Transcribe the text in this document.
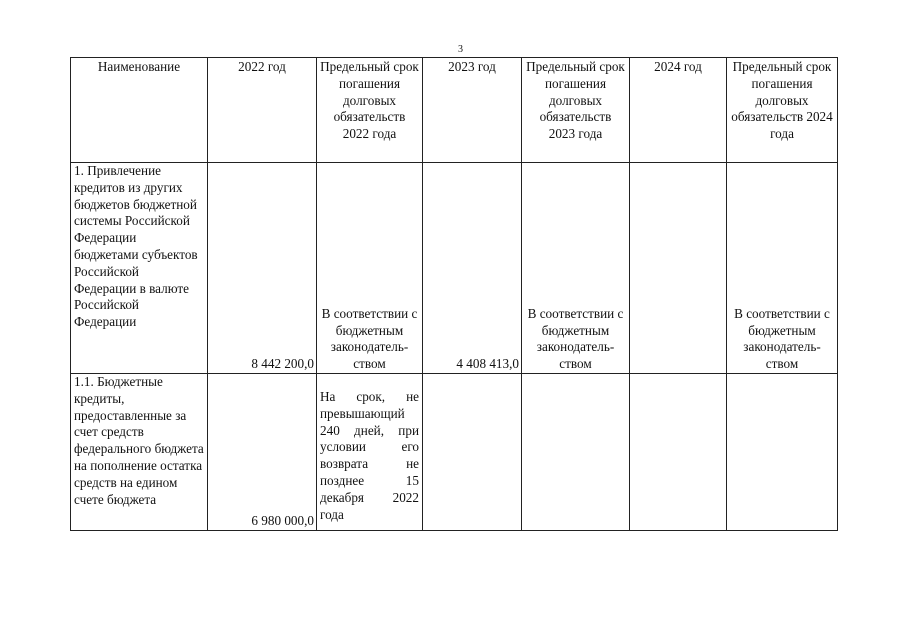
3
Наименование	2022 год	Предельный срок погашения долговых обязательств 2022 года	2023 год	Предельный срок погашения долговых обязательств 2023 года	2024 год	Предельный срок погашения долговых обязательств 2024 года
1. Привлечение кредитов из других бюджетов бюджетной системы Российской Федерации бюджетами субъектов Российской Федерации в валюте Российской Федерации	8 442 200,0	В соответствии с бюджетным законодатель-ством	4 408 413,0	В соответствии с бюджетным законодатель-ством		В соответствии с бюджетным законодатель-ством
1.1. Бюджетные кредиты, предоставленные за счет средств федерального бюджета на пополнение остатка средств на едином счете бюджета	6 980 000,0	На срок, не превышающий 240 дней, при условии его возврата не позднее 15 декабря 2022 года				
